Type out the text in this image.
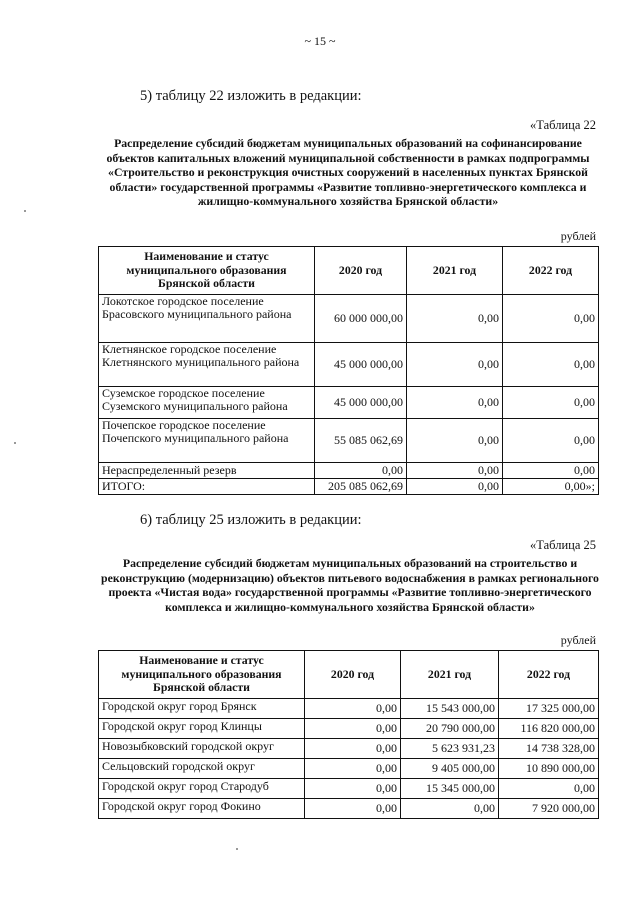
~ 15 ~
5) таблицу 22 изложить в редакции:
«Таблица 22
Распределение субсидий бюджетам муниципальных образований на софинансирование объектов капитальных вложений муниципальной собственности в рамках подпрограммы «Строительство и реконструкция очистных сооружений в населенных пунктах Брянской области» государственной программы «Развитие топливно-энергетического комплекса и жилищно-коммунального хозяйства Брянской области»
рублей
Наименование и статус муниципального образования Брянской области	2020 год	2021 год	2022 год
Локотское городское поселение Брасовского муниципального района	60 000 000,00	0,00	0,00
Клетнянское городское поселение Клетнянского муниципального района	45 000 000,00	0,00	0,00
Суземское городское поселение Суземского муниципального района	45 000 000,00	0,00	0,00
Почепское городское поселение Почепского муниципального района	55 085 062,69	0,00	0,00
Нераспределенный резерв	0,00	0,00	0,00
ИТОГО:	205 085 062,69	0,00	0,00»;
6) таблицу 25 изложить в редакции:
«Таблица 25
Распределение субсидий бюджетам муниципальных образований на строительство и реконструкцию (модернизацию) объектов питьевого водоснабжения в рамках регионального проекта «Чистая вода» государственной программы «Развитие топливно-энергетического комплекса и жилищно-коммунального хозяйства Брянской области»
рублей
Наименование и статус муниципального образования Брянской области	2020 год	2021 год	2022 год
Городской округ город Брянск	0,00	15 543 000,00	17 325 000,00
Городской округ город Клинцы	0,00	20 790 000,00	116 820 000,00
Новозыбковский городской округ	0,00	5 623 931,23	14 738 328,00
Сельцовский городской округ	0,00	9 405 000,00	10 890 000,00
Городской округ город Стародуб	0,00	15 345 000,00	0,00
Городской округ город Фокино	0,00	0,00	7 920 000,00
